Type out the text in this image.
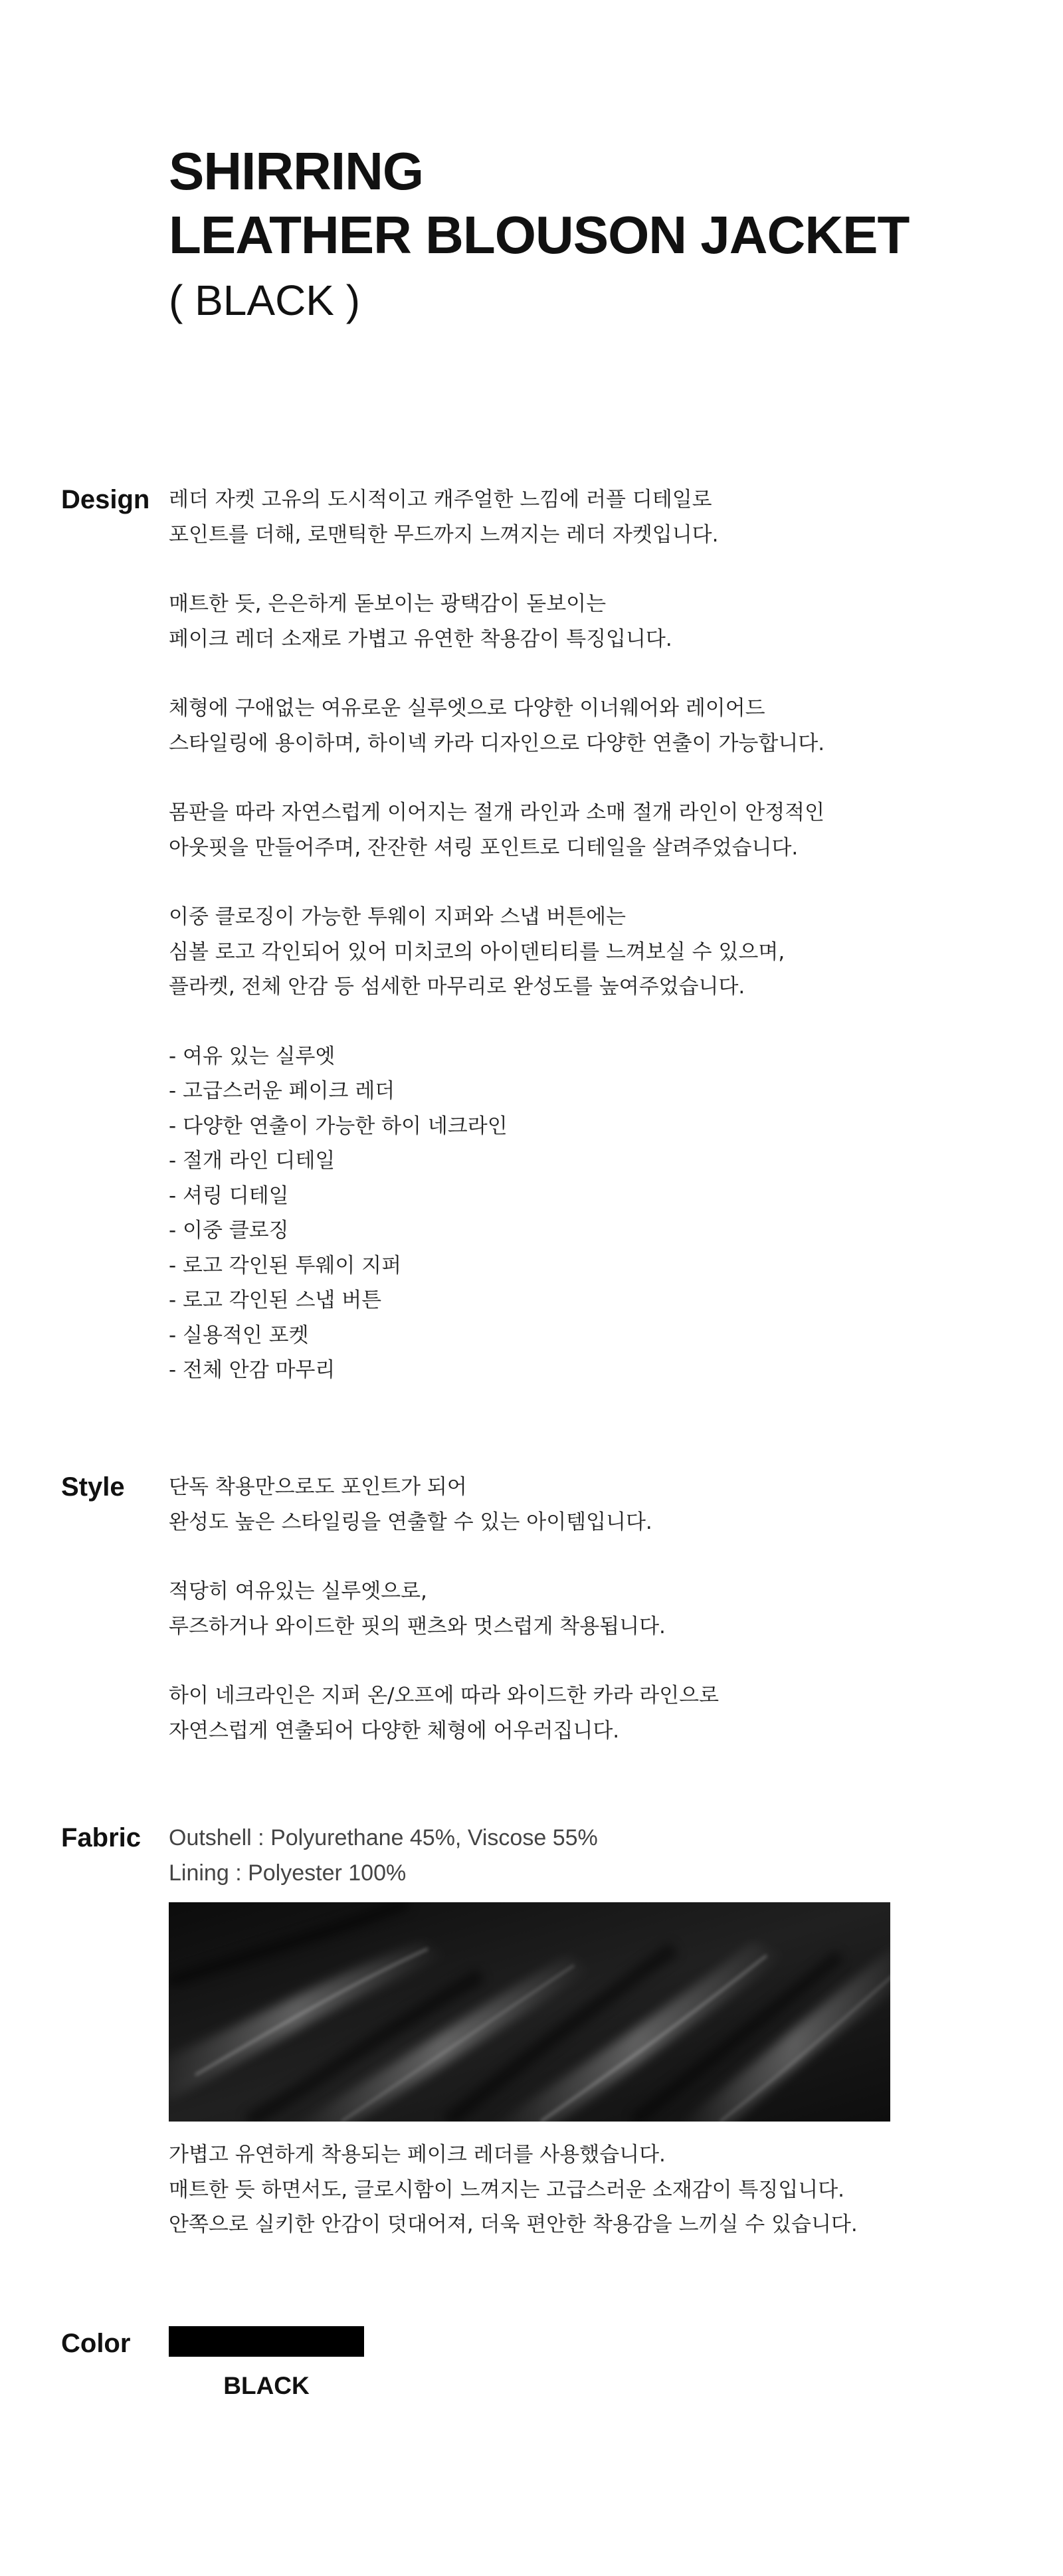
SHIRRING
LEATHER BLOUSON JACKET
( BLACK )
Design 레더 자켓 고유의 도시적이고 캐주얼한 느낌에 러플 디테일로
포인트를 더해, 로맨틱한 무드까지 느껴지는 레더 자켓입니다.
매트한 듯, 은은하게 돋보이는 광택감이 돋보이는
페이크 레더 소재로 가볍고 유연한 착용감이 특징입니다.
체형에 구애없는 여유로운 실루엣으로 다양한 이너웨어와 레이어드
스타일링에 용이하며, 하이넥 카라 디자인으로 다양한 연출이 가능합니다.
몸판을 따라 자연스럽게 이어지는 절개 라인과 소매 절개 라인이 안정적인
아웃핏을 만들어주며, 잔잔한 셔링 포인트로 디테일을 살려주었습니다.
이중 클로징이 가능한 투웨이 지퍼와 스냅 버튼에는
심볼 로고 각인되어 있어 미치코의 아이덴티티를 느껴보실 수 있으며,
플라켓, 전체 안감 등 섬세한 마무리로 완성도를 높여주었습니다.
- 여유 있는 실루엣
- 고급스러운 페이크 레더
- 다양한 연출이 가능한 하이 네크라인
- 절개 라인 디테일
- 셔링 디테일
- 이중 클로징
- 로고 각인된 투웨이 지퍼
- 로고 각인된 스냅 버튼
- 실용적인 포켓
- 전체 안감 마무리
Style 단독 착용만으로도 포인트가 되어
완성도 높은 스타일링을 연출할 수 있는 아이템입니다.
적당히 여유있는 실루엣으로,
루즈하거나 와이드한 핏의 팬츠와 멋스럽게 착용됩니다.
하이 네크라인은 지퍼 온/오프에 따라 와이드한 카라 라인으로
자연스럽게 연출되어 다양한 체형에 어우러집니다.
Fabric Outshell : Polyurethane 45%, Viscose 55%
Lining : Polyester 100%
가볍고 유연하게 착용되는 페이크 레더를 사용했습니다.
매트한 듯 하면서도, 글로시함이 느껴지는 고급스러운 소재감이 특징입니다.
안쪽으로 실키한 안감이 덧대어져, 더욱 편안한 착용감을 느끼실 수 있습니다.
Color
BLACK
